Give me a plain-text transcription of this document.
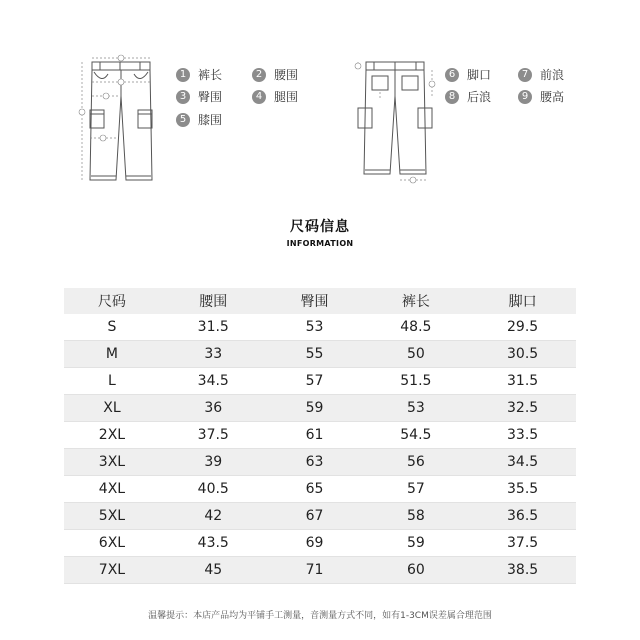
1 裤长	2 腰围
3 臀围	4 腿围
5 膝围
6 脚口	7 前浪
8 后浪	9 腰高
尺码信息
INFORMATION
尺码	腰围	臀围	裤长	脚口
S	31.5	53	48.5	29.5
M	33	55	50	30.5
L	34.5	57	51.5	31.5
XL	36	59	53	32.5
2XL	37.5	61	54.5	33.5
3XL	39	63	56	34.5
4XL	40.5	65	57	35.5
5XL	42	67	58	36.5
6XL	43.5	69	59	37.5
7XL	45	71	60	38.5
温馨提示：本店产品均为平铺手工测量，音测量方式不同，如有1-3CM误差属合理范围
